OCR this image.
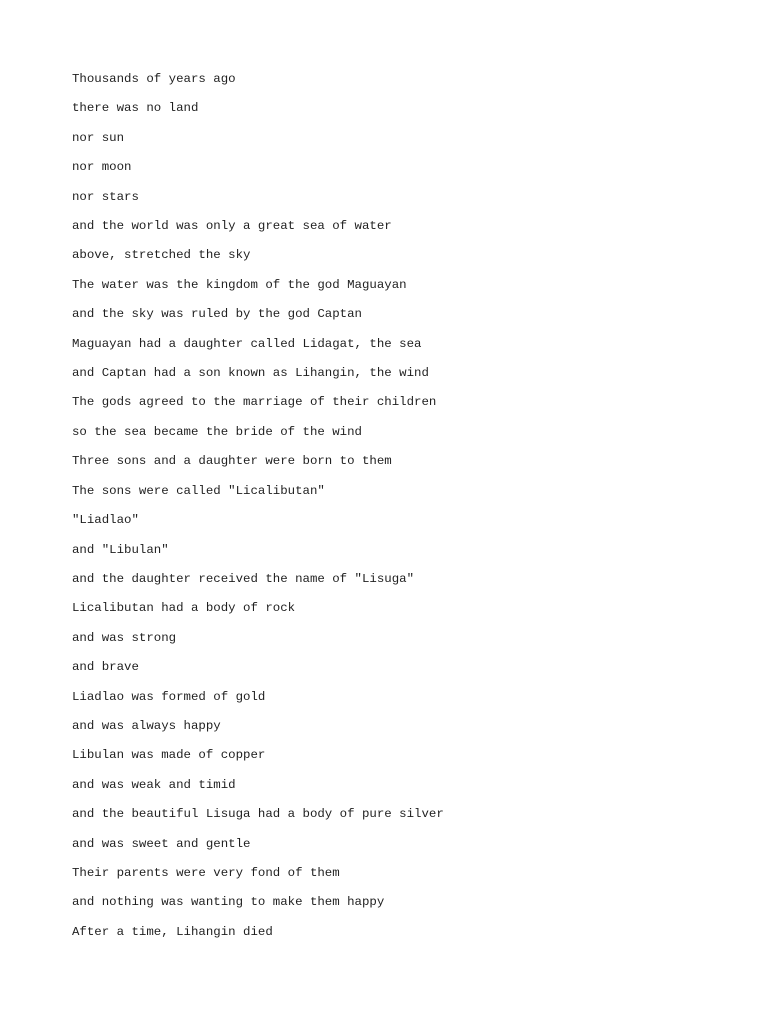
Thousands of years ago
there was no land
nor sun
nor moon
nor stars
and the world was only a great sea of water
above, stretched the sky
The water was the kingdom of the god Maguayan
and the sky was ruled by the god Captan
Maguayan had a daughter called Lidagat, the sea
and Captan had a son known as Lihangin, the wind
The gods agreed to the marriage of their children
so the sea became the bride of the wind
Three sons and a daughter were born to them
The sons were called "Licalibutan"
"Liadlao"
and "Libulan"
and the daughter received the name of "Lisuga"
Licalibutan had a body of rock
and was strong
and brave
Liadlao was formed of gold
and was always happy
Libulan was made of copper
and was weak and timid
and the beautiful Lisuga had a body of pure silver
and was sweet and gentle
Their parents were very fond of them
and nothing was wanting to make them happy
After a time, Lihangin died
